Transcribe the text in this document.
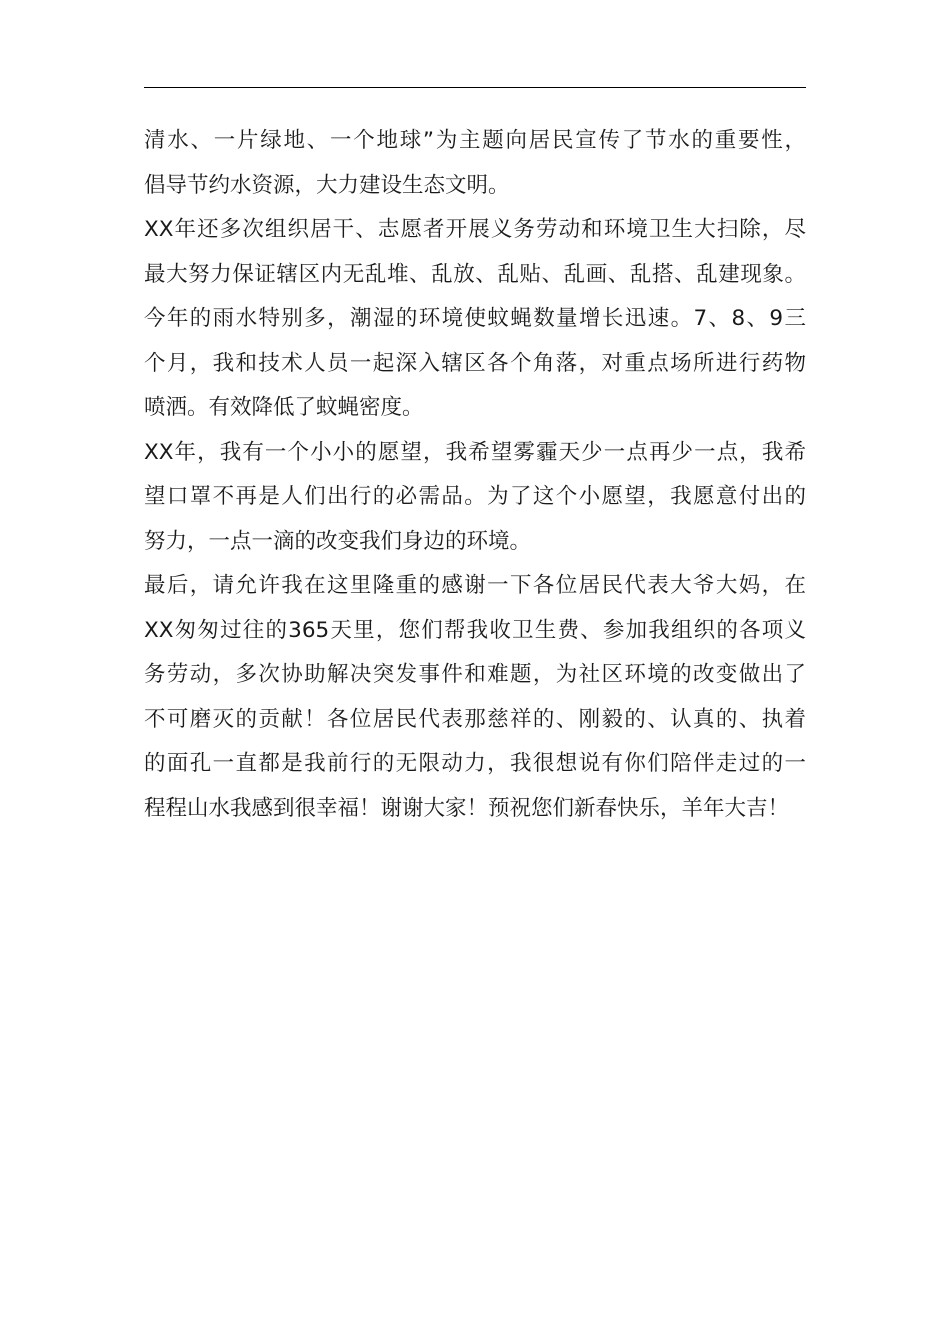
清水、一片绿地、一个地球”为主题向居民宣传了节水的重要性，
倡导节约水资源，大力建设生态文明。
XX年还多次组织居干、志愿者开展义务劳动和环境卫生大扫除，尽
最大努力保证辖区内无乱堆、乱放、乱贴、乱画、乱搭、乱建现象。
今年的雨水特别多，潮湿的环境使蚊蝇数量增长迅速。7、8、9三
个月，我和技术人员一起深入辖区各个角落，对重点场所进行药物
喷洒。有效降低了蚊蝇密度。
XX年，我有一个小小的愿望，我希望雾霾天少一点再少一点，我希
望口罩不再是人们出行的必需品。为了这个小愿望，我愿意付出的
努力，一点一滴的改变我们身边的环境。
最后，请允许我在这里隆重的感谢一下各位居民代表大爷大妈，在
XX匆匆过往的365天里，您们帮我收卫生费、参加我组织的各项义
务劳动，多次协助解决突发事件和难题，为社区环境的改变做出了
不可磨灭的贡献！各位居民代表那慈祥的、刚毅的、认真的、执着
的面孔一直都是我前行的无限动力，我很想说有你们陪伴走过的一
程程山水我感到很幸福！谢谢大家！预祝您们新春快乐，羊年大吉！
